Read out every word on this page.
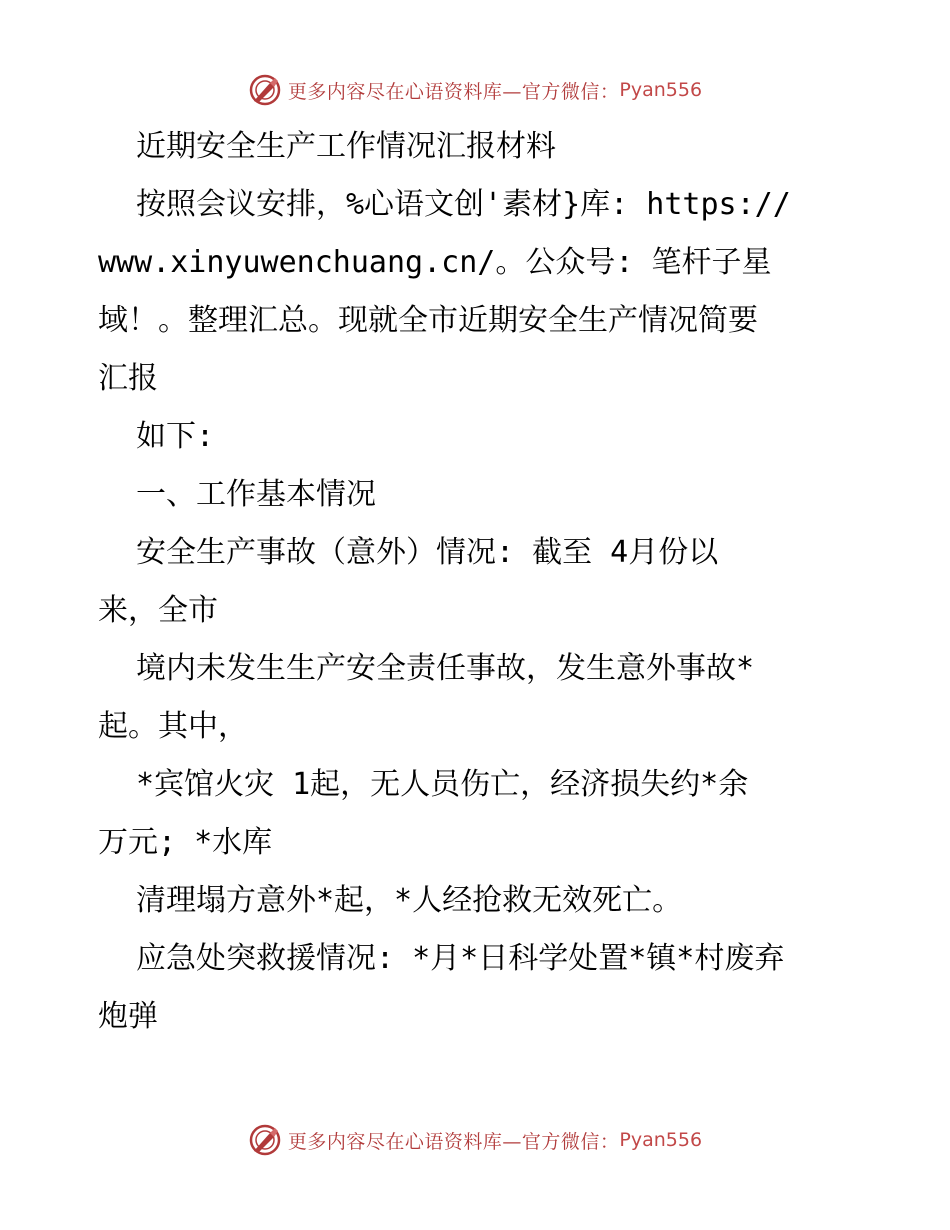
更多内容尽在心语资料库—官方微信： Pyan556
近期安全生产工作情况汇报材料
按照会议安排，%心语文创'素材}库: https://
www.xinyuwenchuang.cn/。公众号: 笔杆子星
域！。整理汇总。现就全市近期安全生产情况简要
汇报
如下:
一、工作基本情况
安全生产事故（意外）情况: 截至 4月份以
来，全市
境内未发生生产安全责任事故，发生意外事故*
起。其中，
*宾馆火灾 1起，无人员伤亡，经济损失约*余
万元; *水库
清理塌方意外*起，*人经抢救无效死亡。
应急处突救援情况: *月*日科学处置*镇*村废弃
炮弹
更多内容尽在心语资料库—官方微信： Pyan556
